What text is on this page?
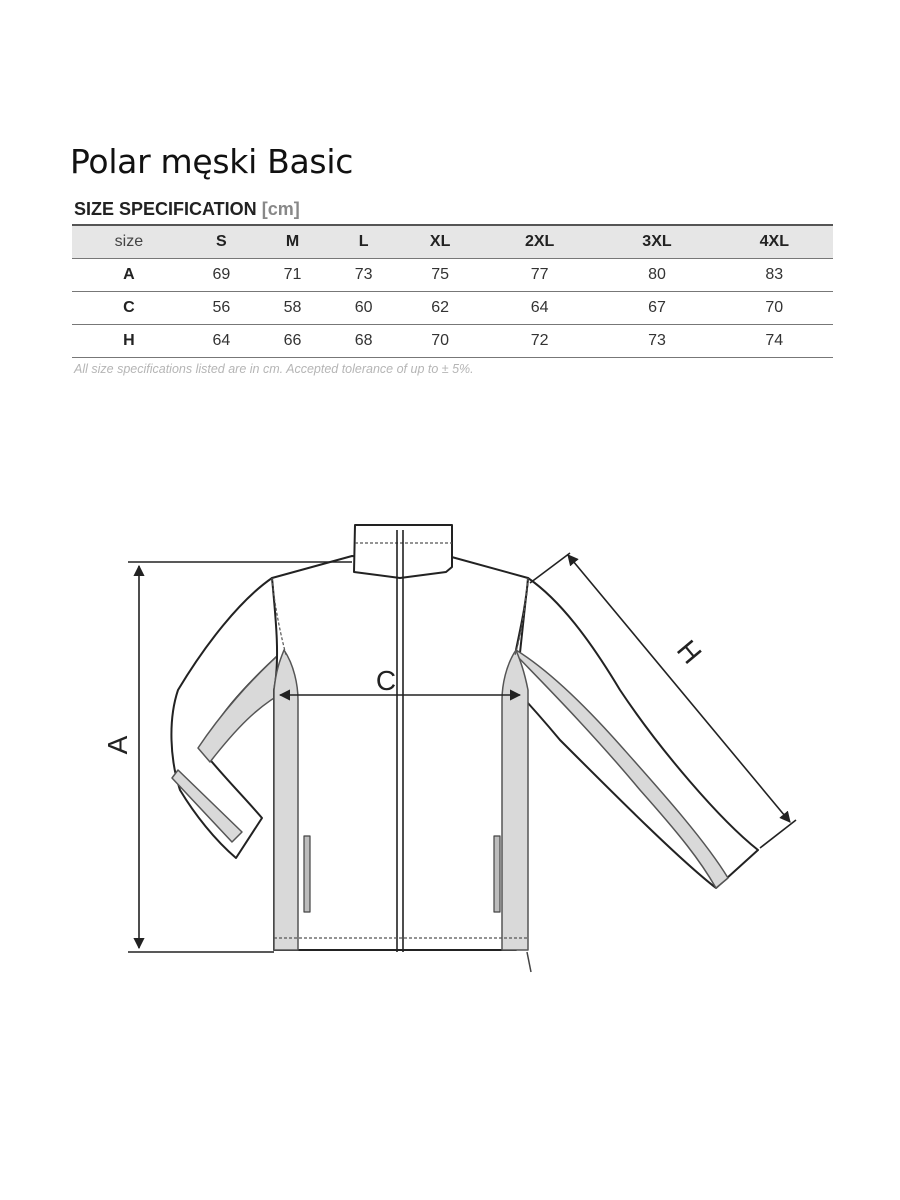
Polar męski Basic
SIZE SPECIFICATION [cm]
size	S	M	L	XL	2XL	3XL	4XL
A	69	71	73	75	77	80	83
C	56	58	60	62	64	67	70
H	64	66	68	70	72	73	74
All size specifications listed are in cm. Accepted tolerance of up to ± 5%.
A
C
H
